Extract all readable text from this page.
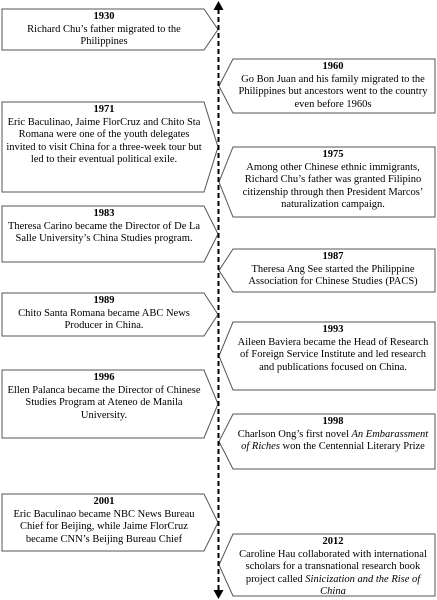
1930
Richard Chu’s father migrated to the Philippines
1960
Go Bon Juan and his family migrated to the Philippines but ancestors went to the country even before 1960s
1971
Eric Baculinao, Jaime FlorCruz and Chito Sta Romana were one of the youth delegates invited to visit China for a three-week tour but led to their eventual political exile.	1975
Among other Chinese ethnic immigrants, Richard Chu’s father was granted Filipino citizenship through then President Marcos’ naturalization campaign.
1983
Theresa Carino became the Director of De La Salle University’s China Studies program.
1987
Theresa Ang See started the Philippine Association for Chinese Studies (PACS)
1989
Chito Santa Romana became ABC News Producer in China.	1993
Aileen Baviera became the Head of Research of Foreign Service Institute and led research and publications focused on China.
1996
Ellen Palanca became the Director of Chinese Studies Program at Ateneo de Manila University.
1998
Charlson Ong’s first novel An Embarassment of Riches won the Centennial Literary Prize
2001
Eric Baculinao became NBC News Bureau Chief for Beijing, while Jaime FlorCruz became CNN’s Beijing Bureau Chief	2012
Caroline Hau collaborated with international scholars for a transnational research book project called Sinicization and the Rise of China
